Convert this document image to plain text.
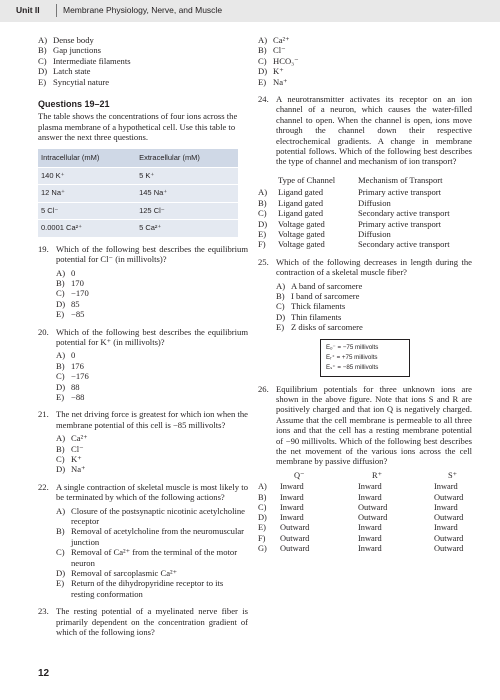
Unit II	Membrane Physiology, Nerve, and Muscle
A) Dense body
B) Gap junctions
C) Intermediate filaments
D) Latch state
E) Syncytial nature
Questions 19–21
The table shows the concentrations of four ions across the plasma membrane of a hypothetical cell. Use this table to answer the next three questions.
Intracellular (mM)	Extracellular (mM)
140 K⁺	5 K⁺
12 Na⁺	145 Na⁺
5 Cl⁻	125 Cl⁻
0.0001 Ca²⁺	5 Ca²⁺
19. Which of the following best describes the equilibrium potential for Cl⁻ (in millivolts)?
A) 0
B) 170
C) −170
D) 85
E) −85
20. Which of the following best describes the equilibrium potential for K⁺ (in millivolts)?
A) 0
B) 176
C) −176
D) 88
E) −88
21. The net driving force is greatest for which ion when the membrane potential of this cell is −85 millivolts?
A) Ca²⁺
B) Cl⁻
C) K⁺
D) Na⁺
22. A single contraction of skeletal muscle is most likely to be terminated by which of the following actions?
A) Closure of the postsynaptic nicotinic acetylcholine receptor
B) Removal of acetylcholine from the neuromuscular junction
C) Removal of Ca²⁺ from the terminal of the motor neuron
D) Removal of sarcoplasmic Ca²⁺
E) Return of the dihydropyridine receptor to its resting conformation
23. The resting potential of a myelinated nerve fiber is primarily dependent on the concentration gradient of which of the following ions?
A) Ca²⁺
B) Cl⁻
C) HCO₃⁻
D) K⁺
E) Na⁺
24. A neurotransmitter activates its receptor on an ion channel of a neuron, which causes the water-filled channel to open. When the channel is open, ions move through the channel down their respective electrochemical gradients. A change in membrane potential follows. Which of the following best describes the type of channel and mechanism of ion transport?
Type of Channel	Mechanism of Transport
A)	Ligand gated	Primary active transport
B)	Ligand gated	Diffusion
C)	Ligand gated	Secondary active transport
D)	Voltage gated	Primary active transport
E)	Voltage gated	Diffusion
F)	Voltage gated	Secondary active transport
25. Which of the following decreases in length during the contraction of a skeletal muscle fiber?
A) A band of sarcomere
B) I band of sarcomere
C) Thick filaments
D) Thin filaments
E) Z disks of sarcomere
Eₒ⁻ = −75 millivolts
Eᵣ⁺ = +75 millivolts
Eₛ⁺ = −85 millivolts
26. Equilibrium potentials for three unknown ions are shown in the above figure. Note that ions S and R are positively charged and that ion Q is negatively charged. Assume that the cell membrane is permeable to all three ions and that the cell has a resting membrane potential of −90 millivolts. Which of the following best describes the net movement of the various ions across the cell membrane by passive diffusion?
	Q⁻	R⁺	S⁺
A)	Inward	Inward	Inward
B)	Inward	Inward	Outward
C)	Inward	Outward	Inward
D)	Inward	Outward	Outward
E)	Outward	Inward	Inward
F)	Outward	Inward	Outward
G)	Outward	Inward	Outward
12
